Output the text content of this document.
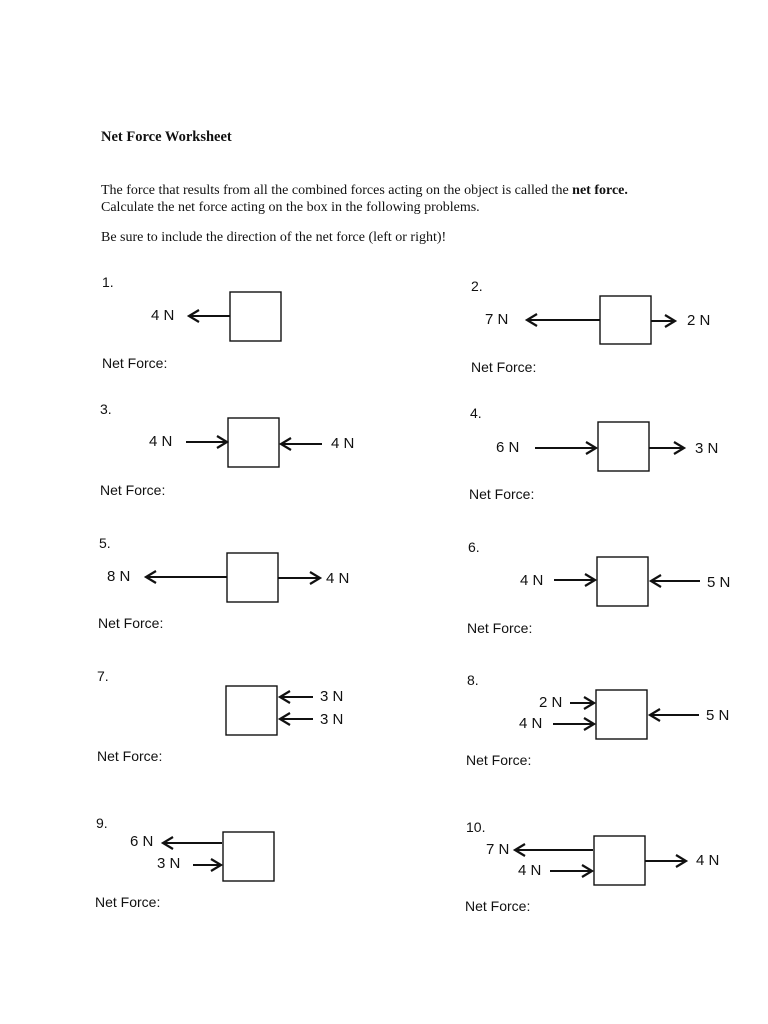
Net Force Worksheet
The force that results from all the combined forces acting on the object is called the net force. Calculate the net force acting on the box in the following problems.
Be sure to include the direction of the net force (left or right)!
1.	2.
3.	4.
5.	6.
7.	8.
9.	10.
Net Force:	Net Force:
Net Force:	Net Force:
Net Force:	Net Force:
Net Force:	Net Force:
Net Force:	Net Force:
4 N	7 N	2 N
4 N	4 N	6 N	3 N
8 N	4 N	4 N	5 N
3 N
3 N
2 N
4 N	5 N
6 N
3 N
7 N
4 N
4 N
